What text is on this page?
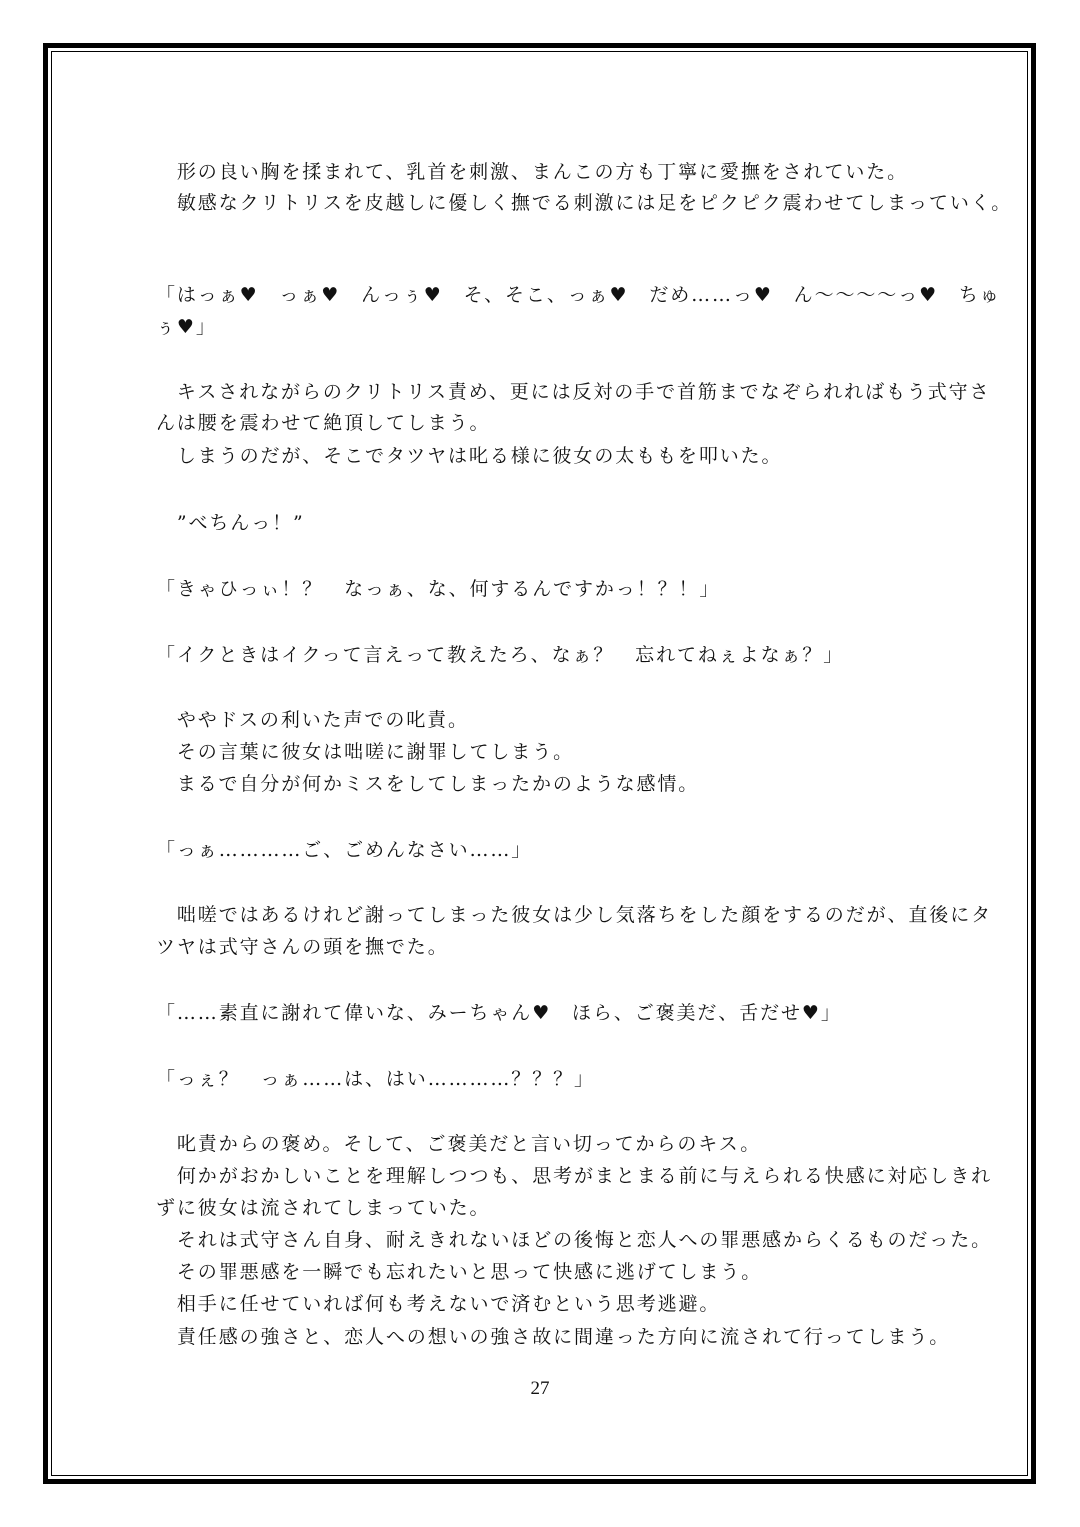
　形の良い胸を揉まれて、乳首を刺激、まんこの方も丁寧に愛撫をされていた。
　敏感なクリトリスを皮越しに優しく撫でる刺激には足をピクピク震わせてしまっていく。
「はっぁ♥　っぁ♥　んっぅ♥　そ、そこ、っぁ♥　だめ……っ♥　ん〜〜〜〜っ♥　ちゅ
ぅ♥」
　キスされながらのクリトリス責め、更には反対の手で首筋までなぞられればもう式守さ
んは腰を震わせて絶頂してしまう。
　しまうのだが、そこでタツヤは叱る様に彼女の太ももを叩いた。
　”べちんっ！”
「きゃひっぃ！？　なっぁ、な、何するんですかっ！？！」
「イクときはイクって言えって教えたろ、なぁ？　忘れてねぇよなぁ？」
　ややドスの利いた声での叱責。
　その言葉に彼女は咄嗟に謝罪してしまう。
　まるで自分が何かミスをしてしまったかのような感情。
「っぁ…………ご、ごめんなさい……」
　咄嗟ではあるけれど謝ってしまった彼女は少し気落ちをした顔をするのだが、直後にタ
ツヤは式守さんの頭を撫でた。
「……素直に謝れて偉いな、みーちゃん♥　ほら、ご褒美だ、舌だせ♥」
「っぇ？　っぁ……は、はい…………？？？」
　叱責からの褒め。そして、ご褒美だと言い切ってからのキス。
　何かがおかしいことを理解しつつも、思考がまとまる前に与えられる快感に対応しきれ
ずに彼女は流されてしまっていた。
　それは式守さん自身、耐えきれないほどの後悔と恋人への罪悪感からくるものだった。
　その罪悪感を一瞬でも忘れたいと思って快感に逃げてしまう。
　相手に任せていれば何も考えないで済むという思考逃避。
　責任感の強さと、恋人への想いの強さ故に間違った方向に流されて行ってしまう。
27
